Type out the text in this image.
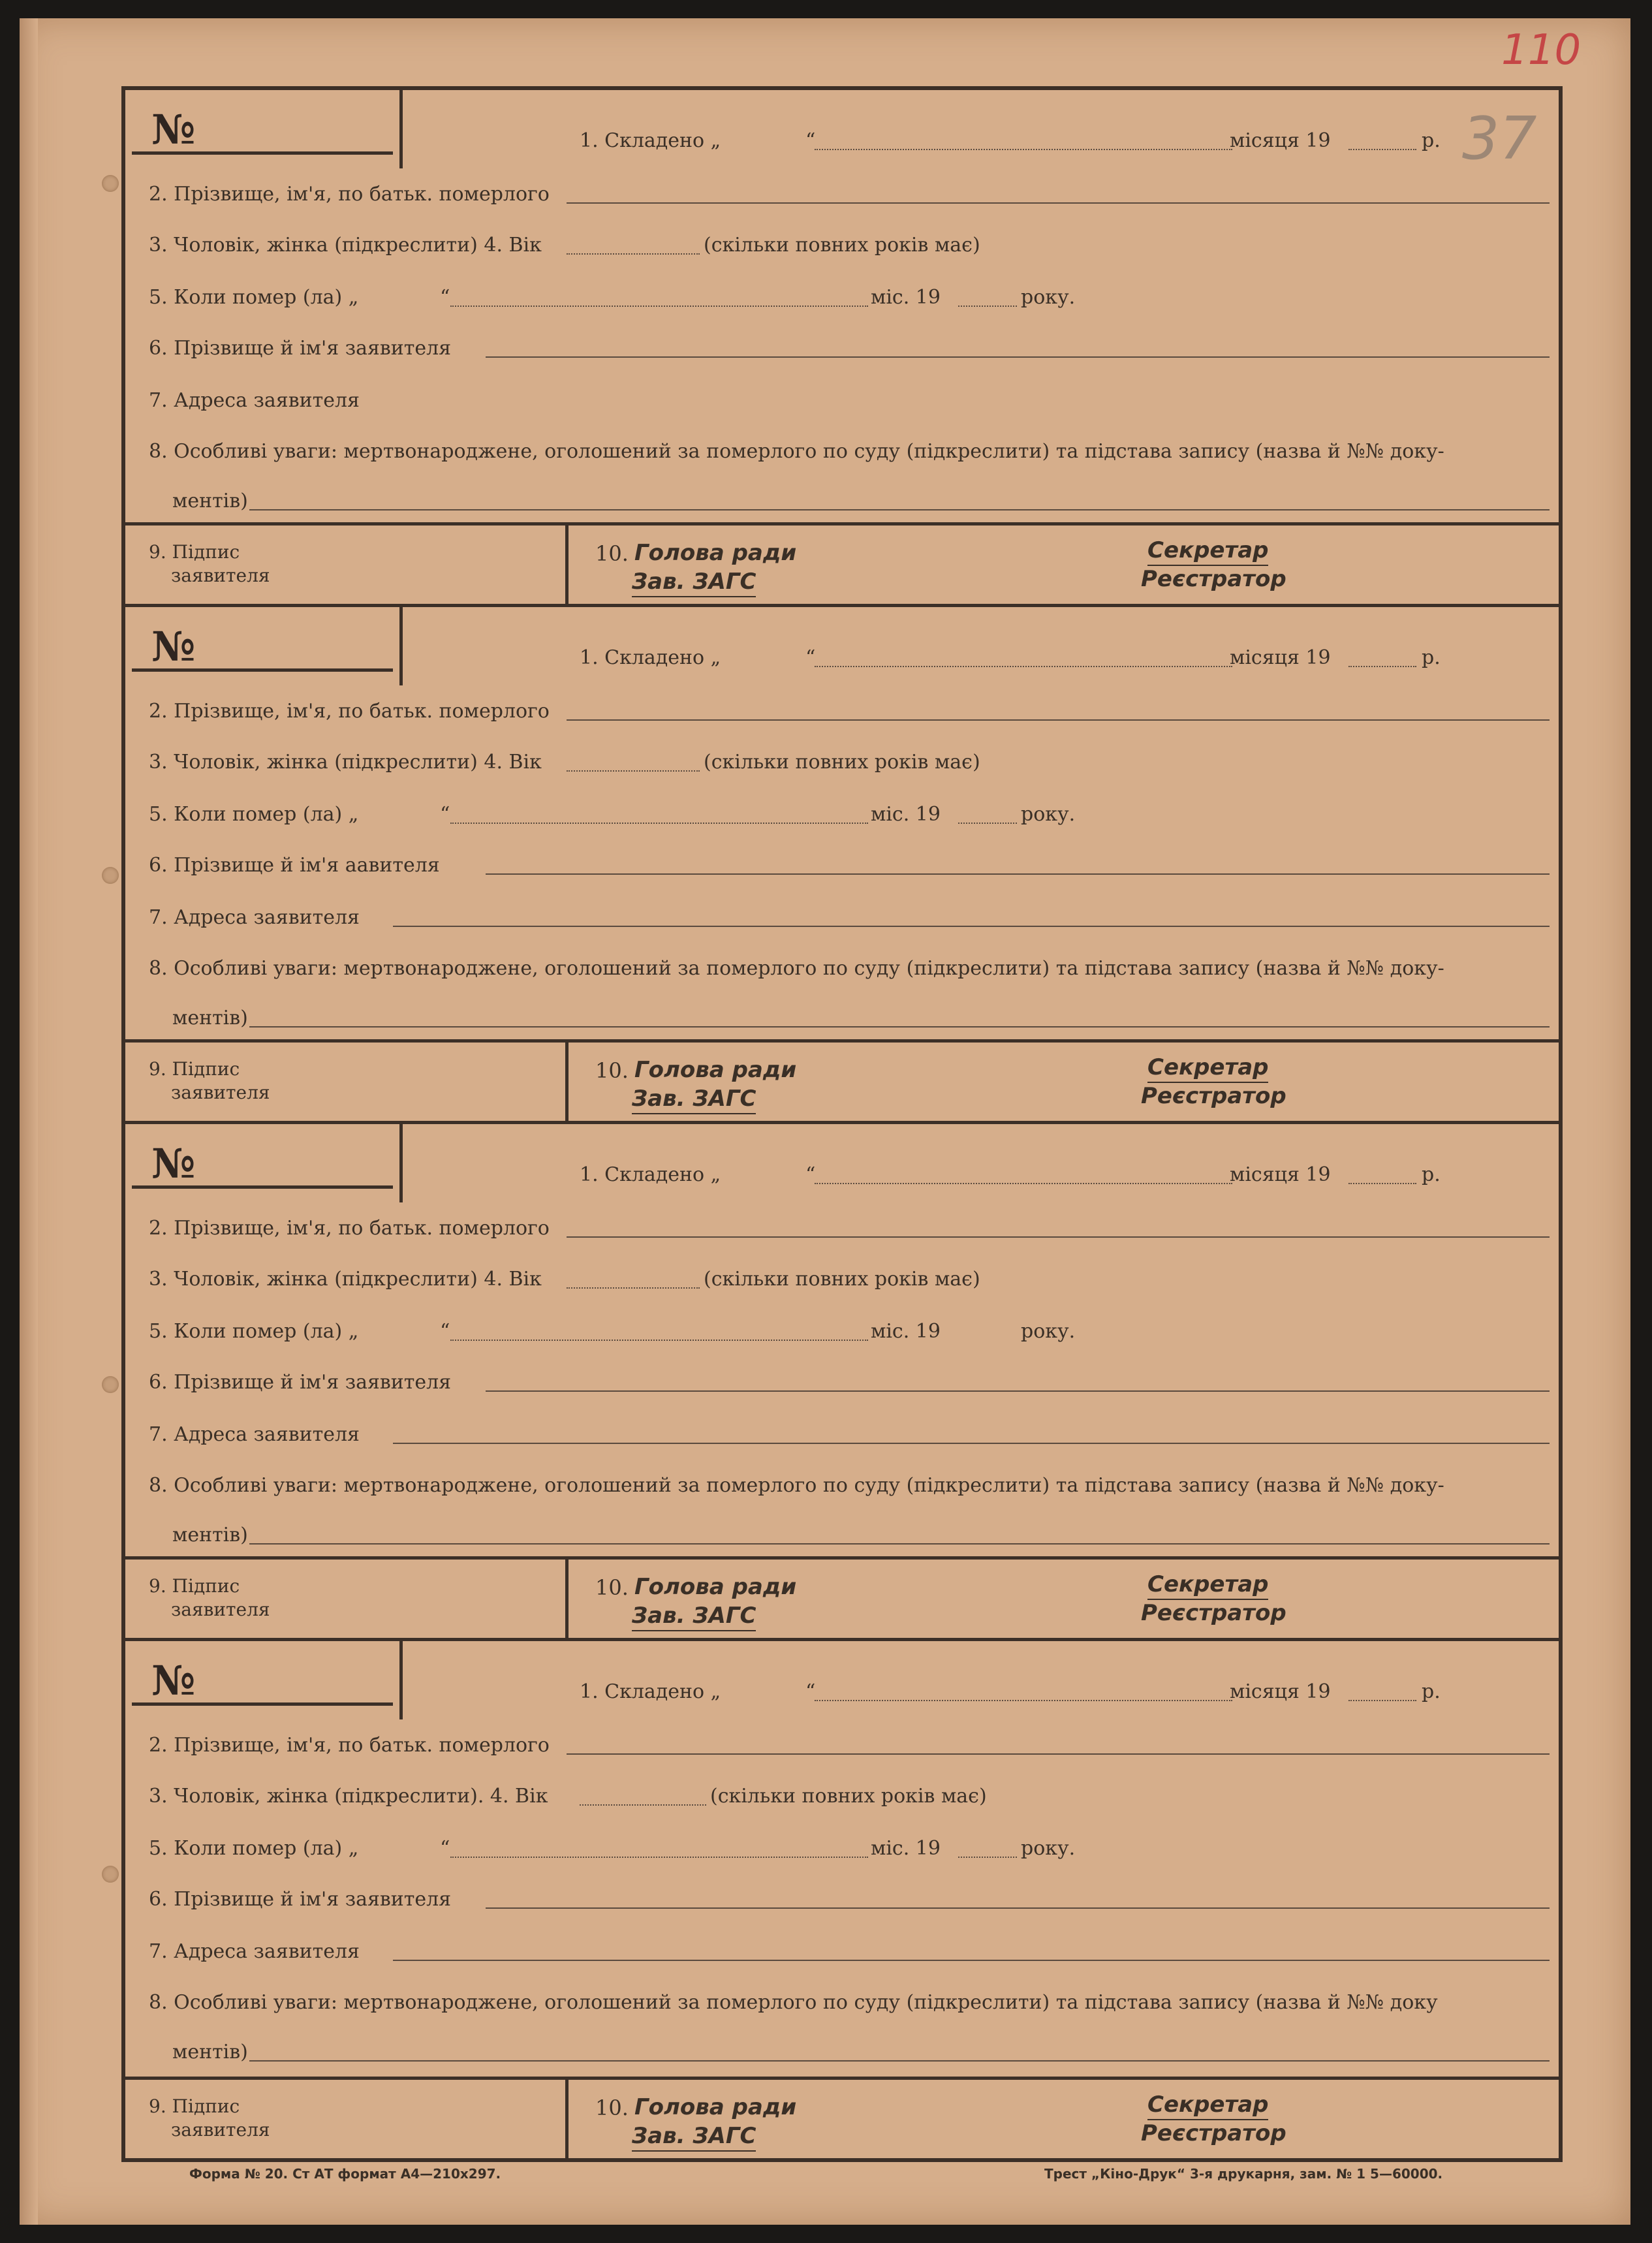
110
37
№	1. Складено „	“	місяця 19	р.
2. Прізвище, ім'я, по батьк. померлого
3. Чоловік, жінка (підкреслити) 4. Вік	(скільки повних років має)
5. Коли помер (ла) „	“	міс. 19	року.
6. Прізвище й ім'я заявителя
7. Адреса заявителя
8. Особливі уваги: мертвонароджене, оголошений за померлого по суду (підкреслити) та підстава запису (назва й №№ доку-
ментів)
9. Підпис
заявителя
10. Голова ради
Зав. ЗАГС
Секретар
Реєстратор
№	1. Складено „	“	місяця 19	р.
2. Прізвище, ім'я, по батьк. померлого
3. Чоловік, жінка (підкреслити) 4. Вік	(скільки повних років має)
5. Коли помер (ла) „	“	міс. 19	року.
6. Прізвище й ім'я аавителя
7. Адреса заявителя
8. Особливі уваги: мертвонароджене, оголошений за померлого по суду (підкреслити) та підстава запису (назва й №№ доку-
ментів)
9. Підпис
заявителя
10. Голова ради
Зав. ЗАГС
Секретар
Реєстратор
№	1. Складено „	“	місяця 19	р.
2. Прізвище, ім'я, по батьк. померлого
3. Чоловік, жінка (підкреслити) 4. Вік	(скільки повних років має)
5. Коли помер (ла) „	“	міс. 19	року.
6. Прізвище й ім'я заявителя
7. Адреса заявителя
8. Особливі уваги: мертвонароджене, оголошений за померлого по суду (підкреслити) та підстава запису (назва й №№ доку-
ментів)
9. Підпис
заявителя
10. Голова ради
Зав. ЗАГС
Секретар
Реєстратор
№	1. Складено „	“	місяця 19	р.
2. Прізвище, ім'я, по батьк. померлого
3. Чоловік, жінка (підкреслити). 4. Вік	(скільки повних років має)
5. Коли помер (ла) „	“	міс. 19	року.
6. Прізвище й ім'я заявителя
7. Адреса заявителя
8. Особливі уваги: мертвонароджене, оголошений за померлого по суду (підкреслити) та підстава запису (назва й №№ доку
ментів)
9. Підпис
заявителя
10. Голова ради
Зав. ЗАГС
Секретар
Реєстратор
Форма № 20. Ст АТ формат А4—210х297.	Трест „Кіно-Друк“ 3-я друкарня, зам. № 1 5—60000.
